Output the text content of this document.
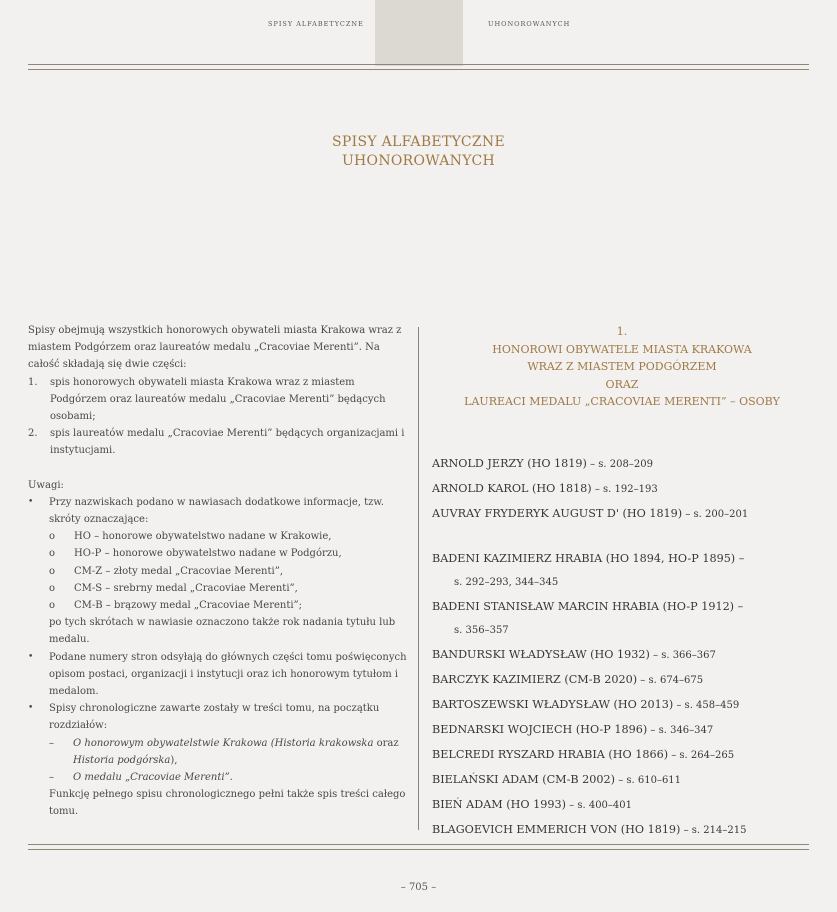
SPISY ALFABETYCZNE	UHONOROWANYCH
SPISY ALFABETYCZNE
UHONOROWANYCH

Spisy obejmują wszystkich honorowych obywateli miasta Krakowa wraz z miastem Podgórzem oraz laureatów medalu „Cracoviae Merenti”. Na całość składają się dwie części:

1. spis honorowych obywateli miasta Krakowa wraz z miastem Podgórzem oraz laureatów medalu „Cracoviae Merenti” będących osobami;
2. spis laureatów medalu „Cracoviae Merenti” będących organizacjami i instytucjami.

Uwagi:

• Przy nazwiskach podano w nawiasach dodatkowe informacje, tzw. skróty oznaczające:
o HO – honorowe obywatelstwo nadane w Krakowie,
o HO-P – honorowe obywatelstwo nadane w Podgórzu,
o CM-Z – złoty medal „Cracoviae Merenti”,
o CM-S – srebrny medal „Cracoviae Merenti”,
o CM-B – brązowy medal „Cracoviae Merenti”;
po tych skrótach w nawiasie oznaczono także rok nadania tytułu lub medalu.
• Podane numery stron odsyłają do głównych części tomu poświęconych opisom postaci, organizacji i instytucji oraz ich honorowym tytułom i medalom.
• Spisy chronologiczne zawarte zostały w treści tomu, na początku rozdziałów:
– O honorowym obywatelstwie Krakowa (Historia krakowska oraz Historia podgórska),
– O medalu „Cracoviae Merenti”.
Funkcję pełnego spisu chronologicznego pełni także spis treści całego tomu.
1.
HONOROWI OBYWATELE MIASTA KRAKOWA
WRAZ Z MIASTEM PODGÓRZEM
ORAZ
LAUREACI MEDALU „CRACOVIAE MERENTI” – OSOBY
ARNOLD JERZY (HO 1819) – s. 208–209
ARNOLD KAROL (HO 1818) – s. 192–193
AUVRAY FRYDERYK AUGUST D' (HO 1819) – s. 200–201
BADENI KAZIMIERZ HRABIA (HO 1894, HO-P 1895) –
s. 292–293, 344–345
BADENI STANISŁAW MARCIN HRABIA (HO-P 1912) –
s. 356–357
BANDURSKI WŁADYSŁAW (HO 1932) – s. 366–367
BARCZYK KAZIMIERZ (CM-B 2020) – s. 674–675
BARTOSZEWSKI WŁADYSŁAW (HO 2013) – s. 458–459
BEDNARSKI WOJCIECH (HO-P 1896) – s. 346–347
BELCREDI RYSZARD HRABIA (HO 1866) – s. 264–265
BIELAŃSKI ADAM (CM-B 2002) – s. 610–611
BIEŃ ADAM (HO 1993) – s. 400–401
BLAGOEVICH EMMERICH VON (HO 1819) – s. 214–215
– 705 –
